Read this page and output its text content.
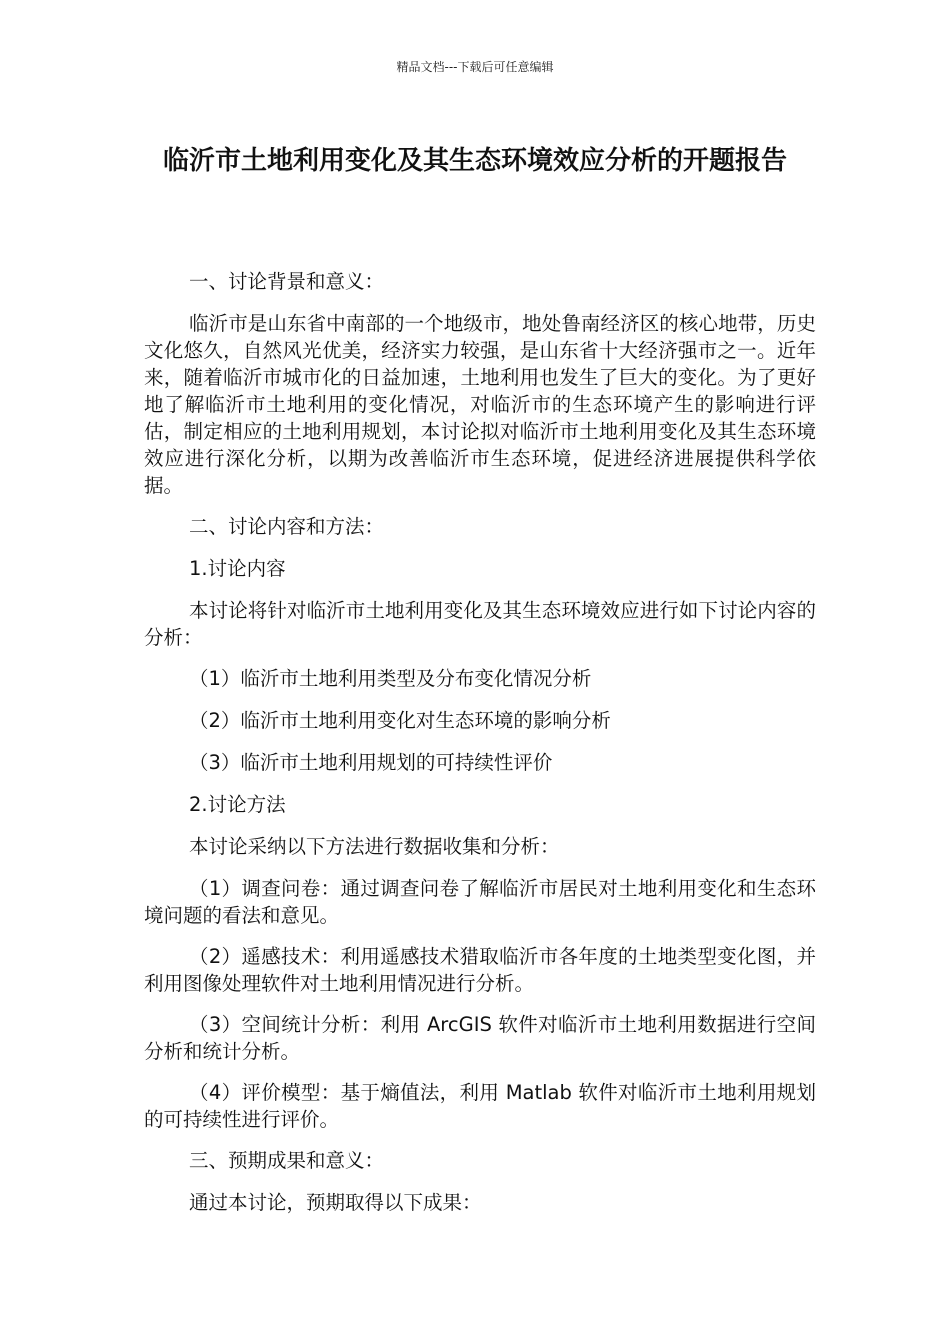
精品文档---下载后可任意编辑
临沂市土地利用变化及其生态环境效应分析的开题报告

一、讨论背景和意义：

临沂市是山东省中南部的一个地级市，地处鲁南经济区的核心地带，历史文化悠久，自然风光优美，经济实力较强，是山东省十大经济强市之一。近年来，随着临沂市城市化的日益加速，土地利用也发生了巨大的变化。为了更好地了解临沂市土地利用的变化情况，对临沂市的生态环境产生的影响进行评估，制定相应的土地利用规划，本讨论拟对临沂市土地利用变化及其生态环境效应进行深化分析，以期为改善临沂市生态环境，促进经济进展提供科学依据。

二、讨论内容和方法：

1.讨论内容

本讨论将针对临沂市土地利用变化及其生态环境效应进行如下讨论内容的分析：

（1）临沂市土地利用类型及分布变化情况分析

（2）临沂市土地利用变化对生态环境的影响分析

（3）临沂市土地利用规划的可持续性评价

2.讨论方法

本讨论采纳以下方法进行数据收集和分析：

（1）调查问卷：通过调查问卷了解临沂市居民对土地利用变化和生态环境问题的看法和意见。

（2）遥感技术：利用遥感技术猎取临沂市各年度的土地类型变化图，并利用图像处理软件对土地利用情况进行分析。

（3）空间统计分析：利用 ArcGIS 软件对临沂市土地利用数据进行空间分析和统计分析。

（4）评价模型：基于熵值法，利用 Matlab 软件对临沂市土地利用规划的可持续性进行评价。

三、预期成果和意义：

通过本讨论，预期取得以下成果：
